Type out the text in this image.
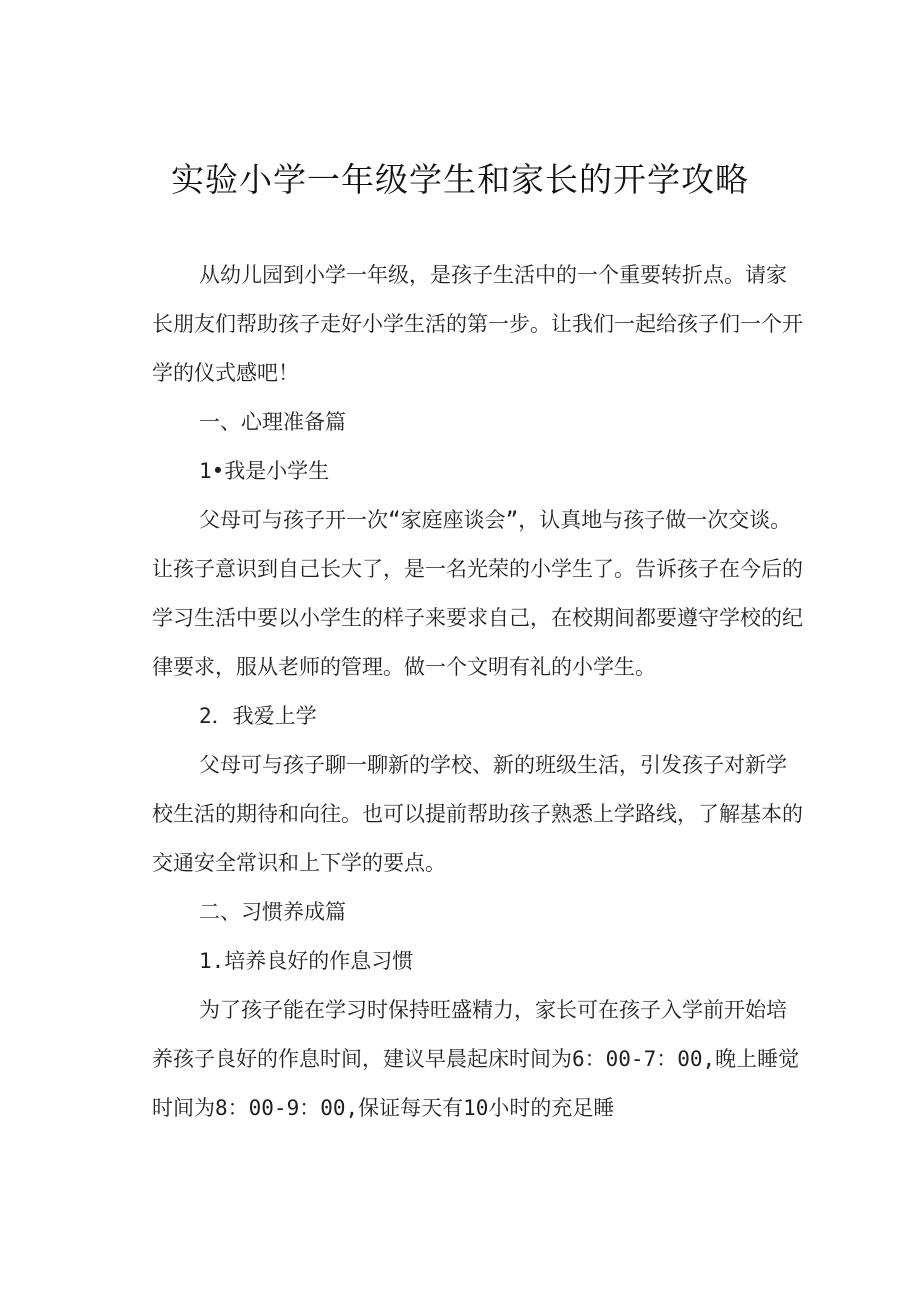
实验小学一年级学生和家长的开学攻略

从幼儿园到小学一年级，是孩子生活中的一个重要转折点。请家长朋友们帮助孩子走好小学生活的第一步。让我们一起给孩子们一个开学的仪式感吧！

一、心理准备篇

1•我是小学生

父母可与孩子开一次“家庭座谈会”，认真地与孩子做一次交谈。让孩子意识到自己长大了，是一名光荣的小学生了。告诉孩子在今后的学习生活中要以小学生的样子来要求自己，在校期间都要遵守学校的纪律要求，服从老师的管理。做一个文明有礼的小学生。

2．我爱上学

父母可与孩子聊一聊新的学校、新的班级生活，引发孩子对新学校生活的期待和向往。也可以提前帮助孩子熟悉上学路线，了解基本的交通安全常识和上下学的要点。

二、习惯养成篇

1.培养良好的作息习惯

为了孩子能在学习时保持旺盛精力，家长可在孩子入学前开始培养孩子良好的作息时间，建议早晨起床时间为6：00-7：00,晚上睡觉时间为8：00-9：00,保证每天有10小时的充足睡
